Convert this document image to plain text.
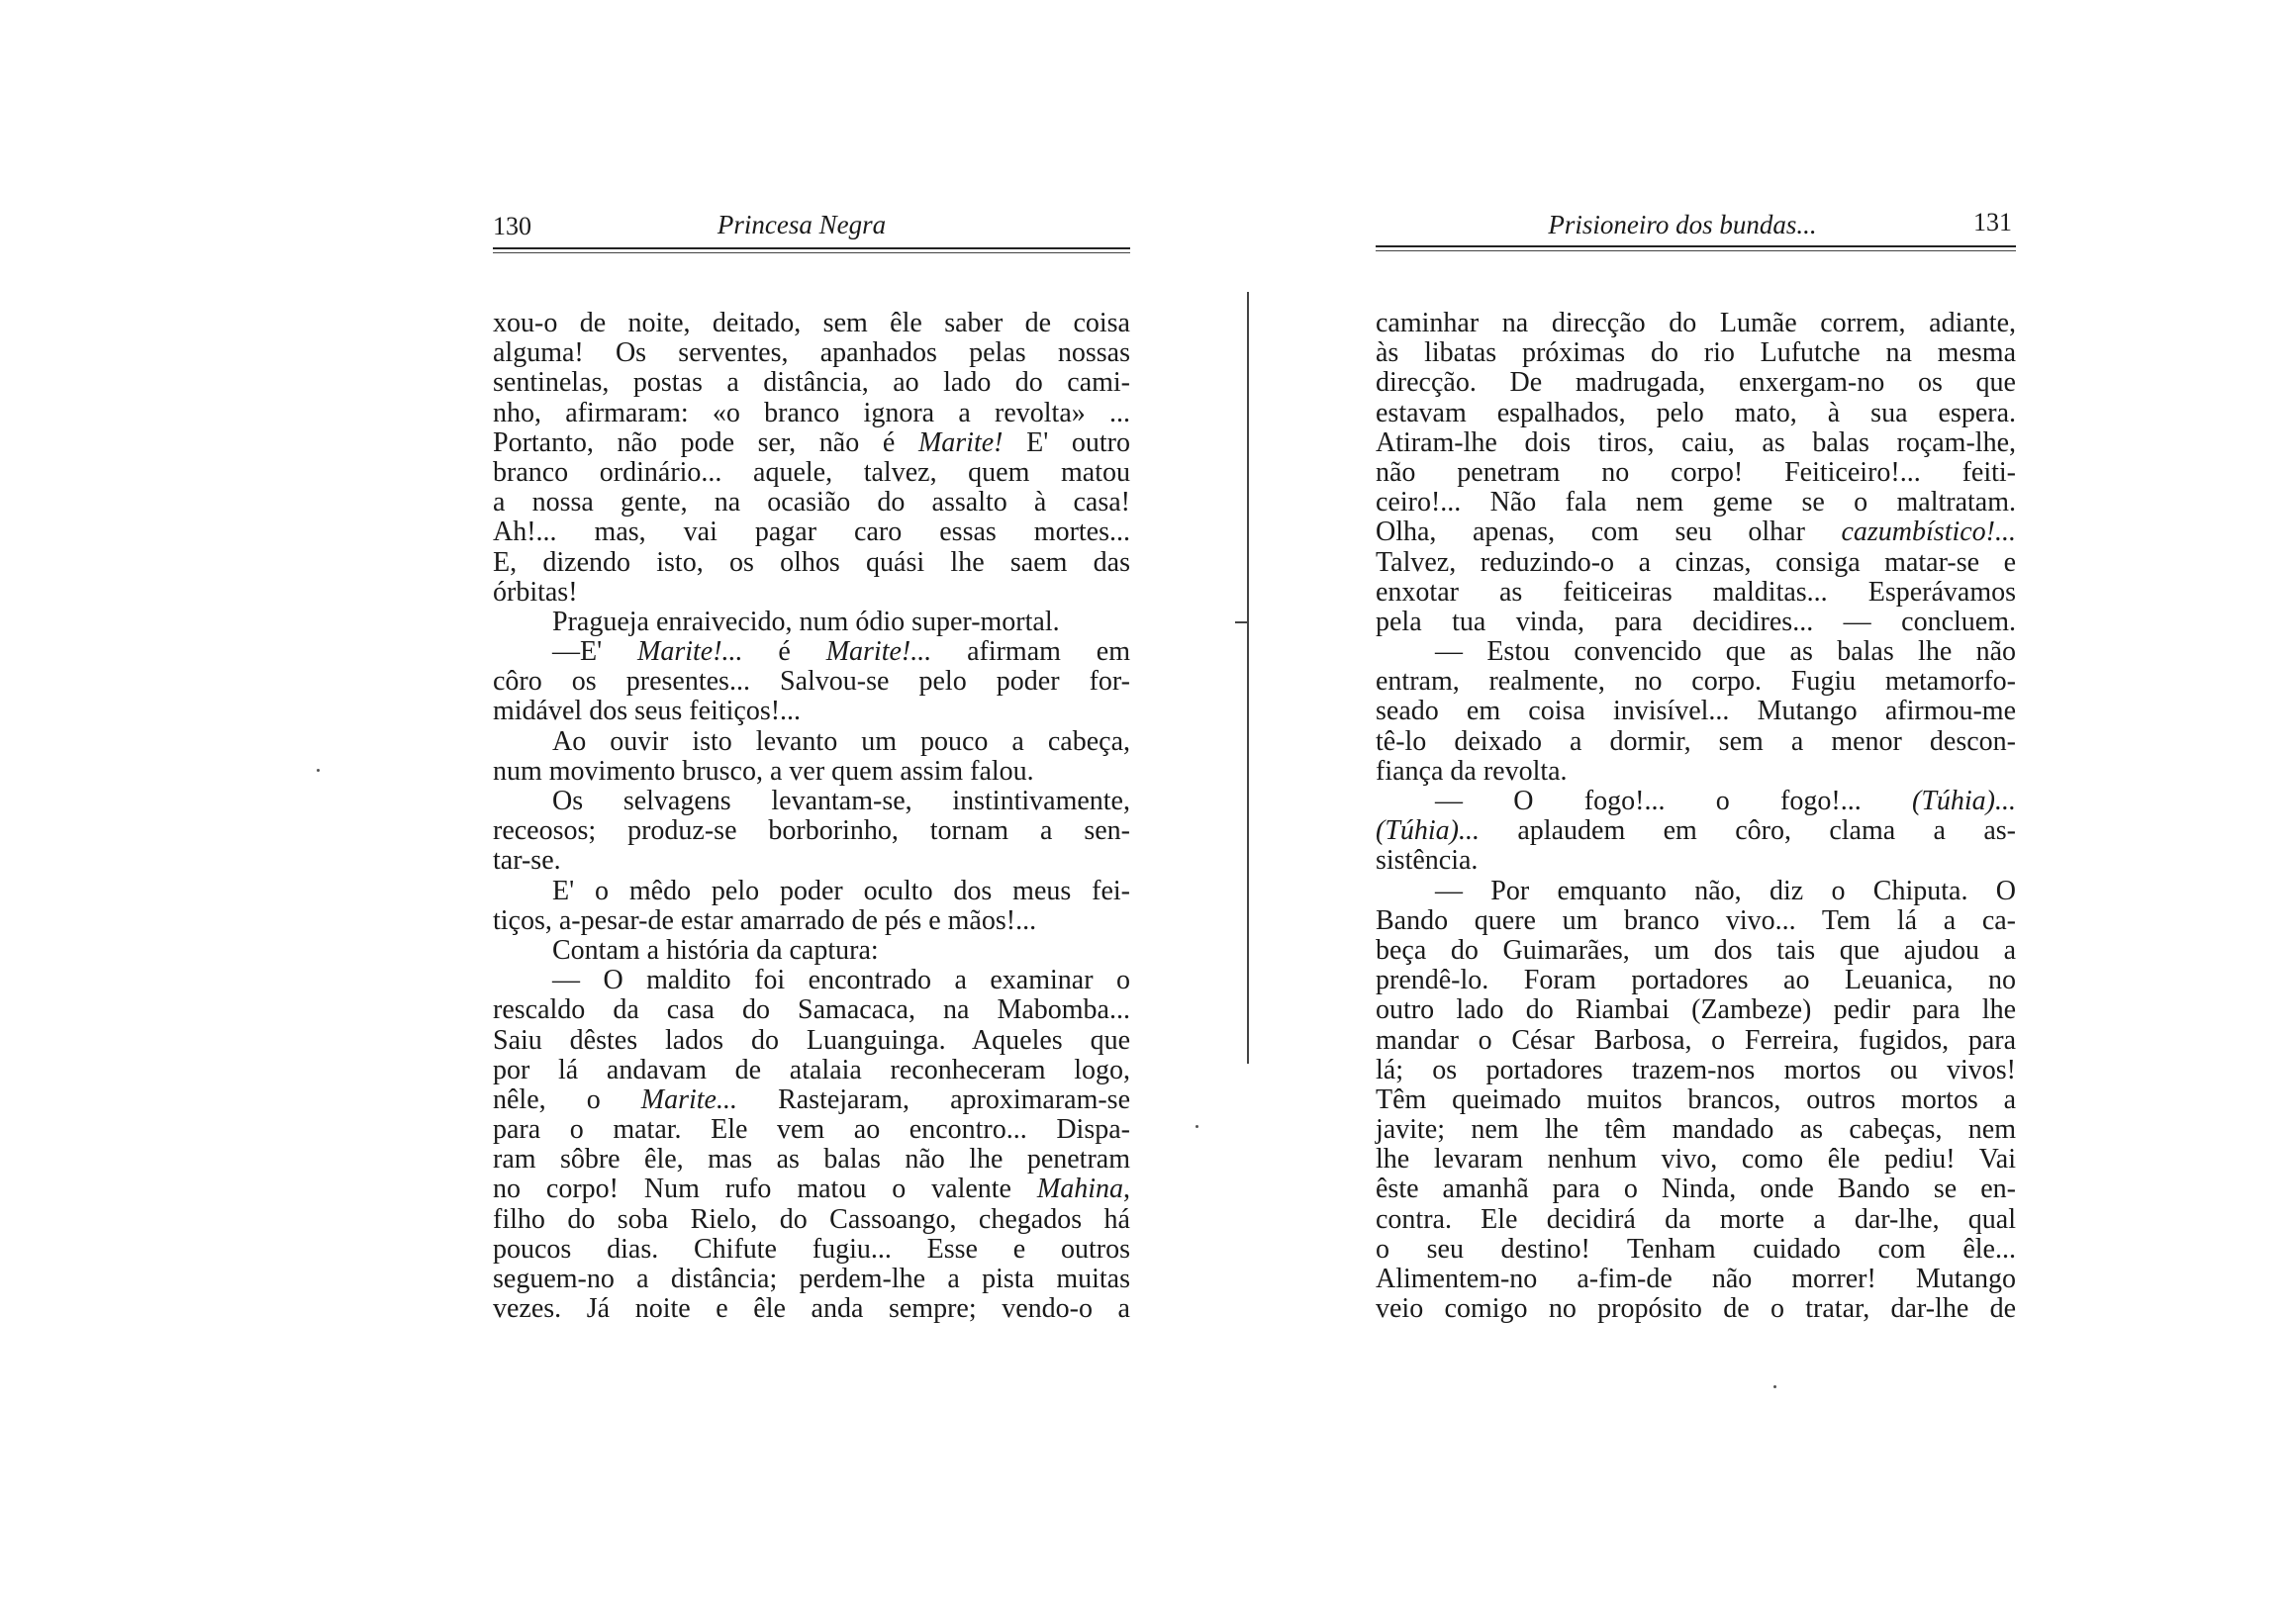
130	Princesa Negra
xou-o de noite, deitado, sem êle saber de coisa
alguma! Os serventes, apanhados pelas nossas
sentinelas, postas a distância, ao lado do cami-
nho, afirmaram: «o branco ignora a revolta» ...
Portanto, não pode ser, não é Marite! E' outro
branco ordinário... aquele, talvez, quem matou
a nossa gente, na ocasião do assalto à casa!
Ah!... mas, vai pagar caro essas mortes...
E, dizendo isto, os olhos quási lhe saem das
órbitas!
Pragueja enraivecido, num ódio super-mortal.
—E' Marite!... é Marite!... afirmam em
côro os presentes... Salvou-se pelo poder for-
midável dos seus feitiços!...
Ao ouvir isto levanto um pouco a cabeça,
num movimento brusco, a ver quem assim falou.
Os selvagens levantam-se, instintivamente,
receosos; produz-se borborinho, tornam a sen-
tar-se.
E' o mêdo pelo poder oculto dos meus fei-
tiços, a-pesar-de estar amarrado de pés e mãos!...
Contam a história da captura:
— O maldito foi encontrado a examinar o
rescaldo da casa do Samacaca, na Mabomba...
Saiu dêstes lados do Luanguinga. Aqueles que
por lá andavam de atalaia reconheceram logo,
nêle, o Marite... Rastejaram, aproximaram-se
para o matar. Ele vem ao encontro... Dispa-
ram sôbre êle, mas as balas não lhe penetram
no corpo! Num rufo matou o valente Mahina,
filho do soba Rielo, do Cassoango, chegados há
poucos dias. Chifute fugiu... Esse e outros
seguem-no a distância; perdem-lhe a pista muitas
vezes. Já noite e êle anda sempre; vendo-o a
Prisioneiro dos bundas...	131
caminhar na direcção do Lumãe correm, adiante,
às libatas próximas do rio Lufutche na mesma
direcção. De madrugada, enxergam-no os que
estavam espalhados, pelo mato, à sua espera.
Atiram-lhe dois tiros, caiu, as balas roçam-lhe,
não penetram no corpo! Feiticeiro!... feiti-
ceiro!... Não fala nem geme se o maltratam.
Olha, apenas, com seu olhar cazumbístico!...
Talvez, reduzindo-o a cinzas, consiga matar-se e
enxotar as feiticeiras malditas... Esperávamos
pela tua vinda, para decidires... — concluem.
— Estou convencido que as balas lhe não
entram, realmente, no corpo. Fugiu metamorfo-
seado em coisa invisível... Mutango afirmou-me
tê-lo deixado a dormir, sem a menor descon-
fiança da revolta.
— O fogo!... o fogo!... (Túhia)...
(Túhia)... aplaudem em côro, clama a as-
sistência.
— Por emquanto não, diz o Chiputa. O
Bando quere um branco vivo... Tem lá a ca-
beça do Guimarães, um dos tais que ajudou a
prendê-lo. Foram portadores ao Leuanica, no
outro lado do Riambai (Zambeze) pedir para lhe
mandar o César Barbosa, o Ferreira, fugidos, para
lá; os portadores trazem-nos mortos ou vivos!
Têm queimado muitos brancos, outros mortos a
javite; nem lhe têm mandado as cabeças, nem
lhe levaram nenhum vivo, como êle pediu! Vai
êste amanhã para o Ninda, onde Bando se en-
contra. Ele decidirá da morte a dar-lhe, qual
o seu destino! Tenham cuidado com êle...
Alimentem-no a-fim-de não morrer! Mutango
veio comigo no propósito de o tratar, dar-lhe de
